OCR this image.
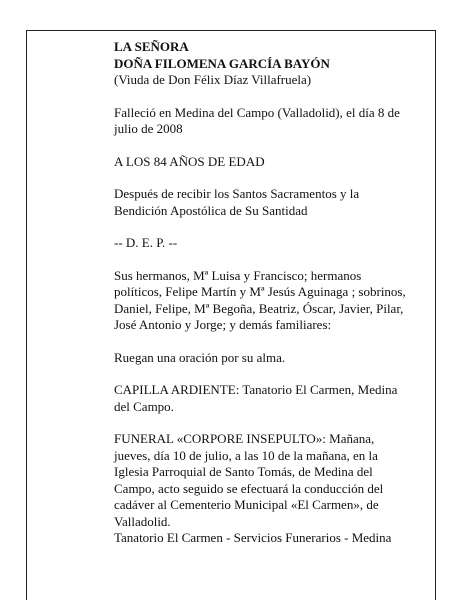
LA SEÑORA
DOÑA FILOMENA GARCÍA BAYÓN
(Viuda de Don Félix Díaz Villafruela)

Falleció en Medina del Campo (Valladolid), el día 8 de
julio de 2008

A LOS 84 AÑOS DE EDAD

Después de recibir los Santos Sacramentos y la
Bendición Apostólica de Su Santidad

-- D. E. P. --

Sus hermanos, Mª Luisa y Francisco; hermanos
políticos, Felipe Martín y Mª Jesús Aguinaga ; sobrinos,
Daniel, Felipe, Mª Begoña, Beatriz, Óscar, Javier, Pilar,
José Antonio y Jorge; y demás familiares:

Ruegan una oración por su alma.

CAPILLA ARDIENTE: Tanatorio El Carmen, Medina
del Campo.

FUNERAL «CORPORE INSEPULTO»: Mañana,
jueves, día 10 de julio, a las 10 de la mañana, en la
Iglesia Parroquial de Santo Tomás, de Medina del
Campo, acto seguido se efectuará la conducción del
cadáver al Cementerio Municipal «El Carmen», de
Valladolid.
Tanatorio El Carmen - Servicios Funerarios - Medina
